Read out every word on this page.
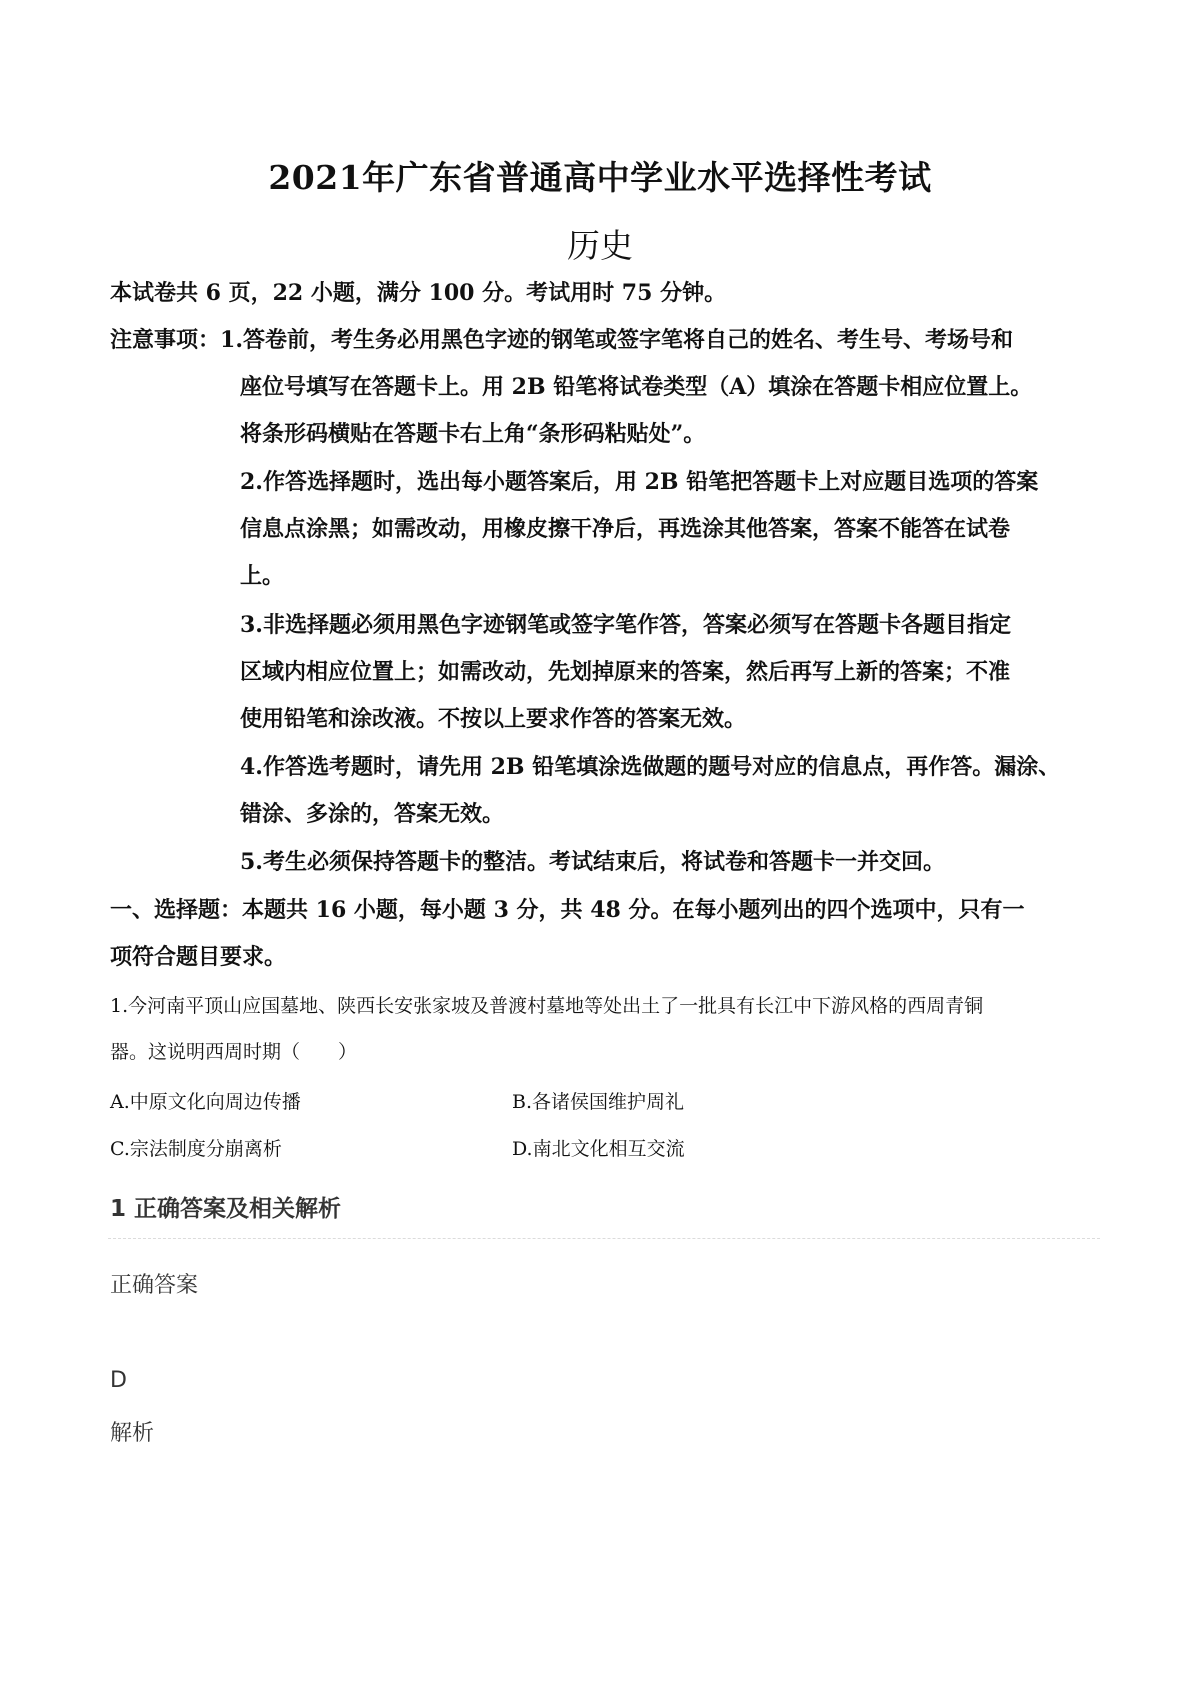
2021年广东省普通高中学业水平选择性考试
历史
本试卷共 6 页，22 小题，满分 100 分。考试用时 75 分钟。
注意事项：1.答卷前，考生务必用黑色字迹的钢笔或签字笔将自己的姓名、考生号、考场号和
座位号填写在答题卡上。用 2B 铅笔将试卷类型（A）填涂在答题卡相应位置上。
将条形码横贴在答题卡右上角“条形码粘贴处”。
2.作答选择题时，选出每小题答案后，用 2B 铅笔把答题卡上对应题目选项的答案
信息点涂黑；如需改动，用橡皮擦干净后，再选涂其他答案，答案不能答在试卷
上。
3.非选择题必须用黑色字迹钢笔或签字笔作答，答案必须写在答题卡各题目指定
区域内相应位置上；如需改动，先划掉原来的答案，然后再写上新的答案；不准
使用铅笔和涂改液。不按以上要求作答的答案无效。
4.作答选考题时，请先用 2B 铅笔填涂选做题的题号对应的信息点，再作答。漏涂、
错涂、多涂的，答案无效。
5.考生必须保持答题卡的整洁。考试结束后，将试卷和答题卡一并交回。
一、选择题：本题共 16 小题，每小题 3 分，共 48 分。在每小题列出的四个选项中，只有一
项符合题目要求。
1.今河南平顶山应国墓地、陕西长安张家坡及普渡村墓地等处出土了一批具有长江中下游风格的西周青铜
器。这说明西周时期（　　）
A.中原文化向周边传播	B.各诸侯国维护周礼
C.宗法制度分崩离析	D.南北文化相互交流
1 正确答案及相关解析
正确答案
D
解析
